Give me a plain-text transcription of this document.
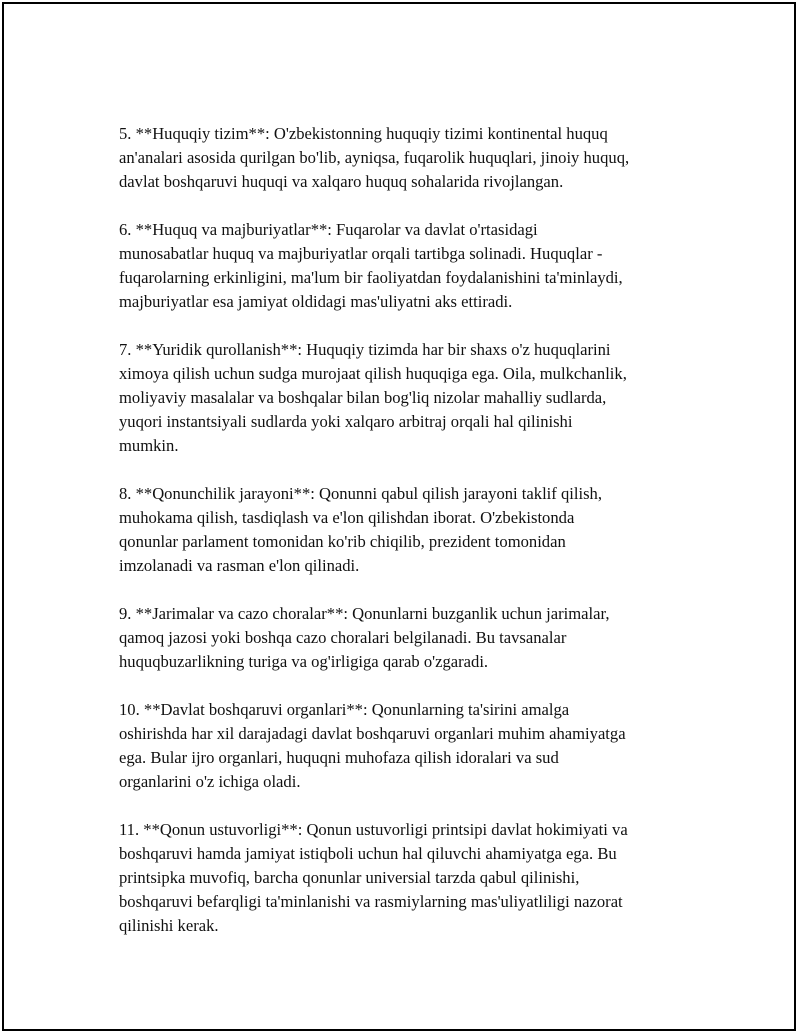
5. **Huquqiy tizim**: O'zbekistonning huquqiy tizimi kontinental huquq
an'analari asosida qurilgan bo'lib, ayniqsa, fuqarolik huquqlari, jinoiy huquq,
davlat boshqaruvi huquqi va xalqaro huquq sohalarida rivojlangan.

6. **Huquq va majburiyatlar**: Fuqarolar va davlat o'rtasidagi
munosabatlar huquq va majburiyatlar orqali tartibga solinadi. Huquqlar -
fuqarolarning erkinligini, ma'lum bir faoliyatdan foydalanishini ta'minlaydi,
majburiyatlar esa jamiyat oldidagi mas'uliyatni aks ettiradi.

7. **Yuridik qurollanish**: Huquqiy tizimda har bir shaxs o'z huquqlarini
ximoya qilish uchun sudga murojaat qilish huquqiga ega. Oila, mulkchanlik,
moliyaviy masalalar va boshqalar bilan bog'liq nizolar mahalliy sudlarda,
yuqori instantsiyali sudlarda yoki xalqaro arbitraj orqali hal qilinishi
mumkin.

8. **Qonunchilik jarayoni**: Qonunni qabul qilish jarayoni taklif qilish,
muhokama qilish, tasdiqlash va e'lon qilishdan iborat. O'zbekistonda
qonunlar parlament tomonidan ko'rib chiqilib, prezident tomonidan
imzolanadi va rasman e'lon qilinadi.

9. **Jarimalar va cazo choralar**: Qonunlarni buzganlik uchun jarimalar,
qamoq jazosi yoki boshqa cazo choralari belgilanadi. Bu tavsanalar
huquqbuzarlikning turiga va og'irligiga qarab o'zgaradi.

10. **Davlat boshqaruvi organlari**: Qonunlarning ta'sirini amalga
oshirishda har xil darajadagi davlat boshqaruvi organlari muhim ahamiyatga
ega. Bular ijro organlari, huquqni muhofaza qilish idoralari va sud
organlarini o'z ichiga oladi.

11. **Qonun ustuvorligi**: Qonun ustuvorligi printsipi davlat hokimiyati va
boshqaruvi hamda jamiyat istiqboli uchun hal qiluvchi ahamiyatga ega. Bu
printsipka muvofiq, barcha qonunlar universial tarzda qabul qilinishi,
boshqaruvi befarqligi ta'minlanishi va rasmiylarning mas'uliyatliligi nazorat
qilinishi kerak.
